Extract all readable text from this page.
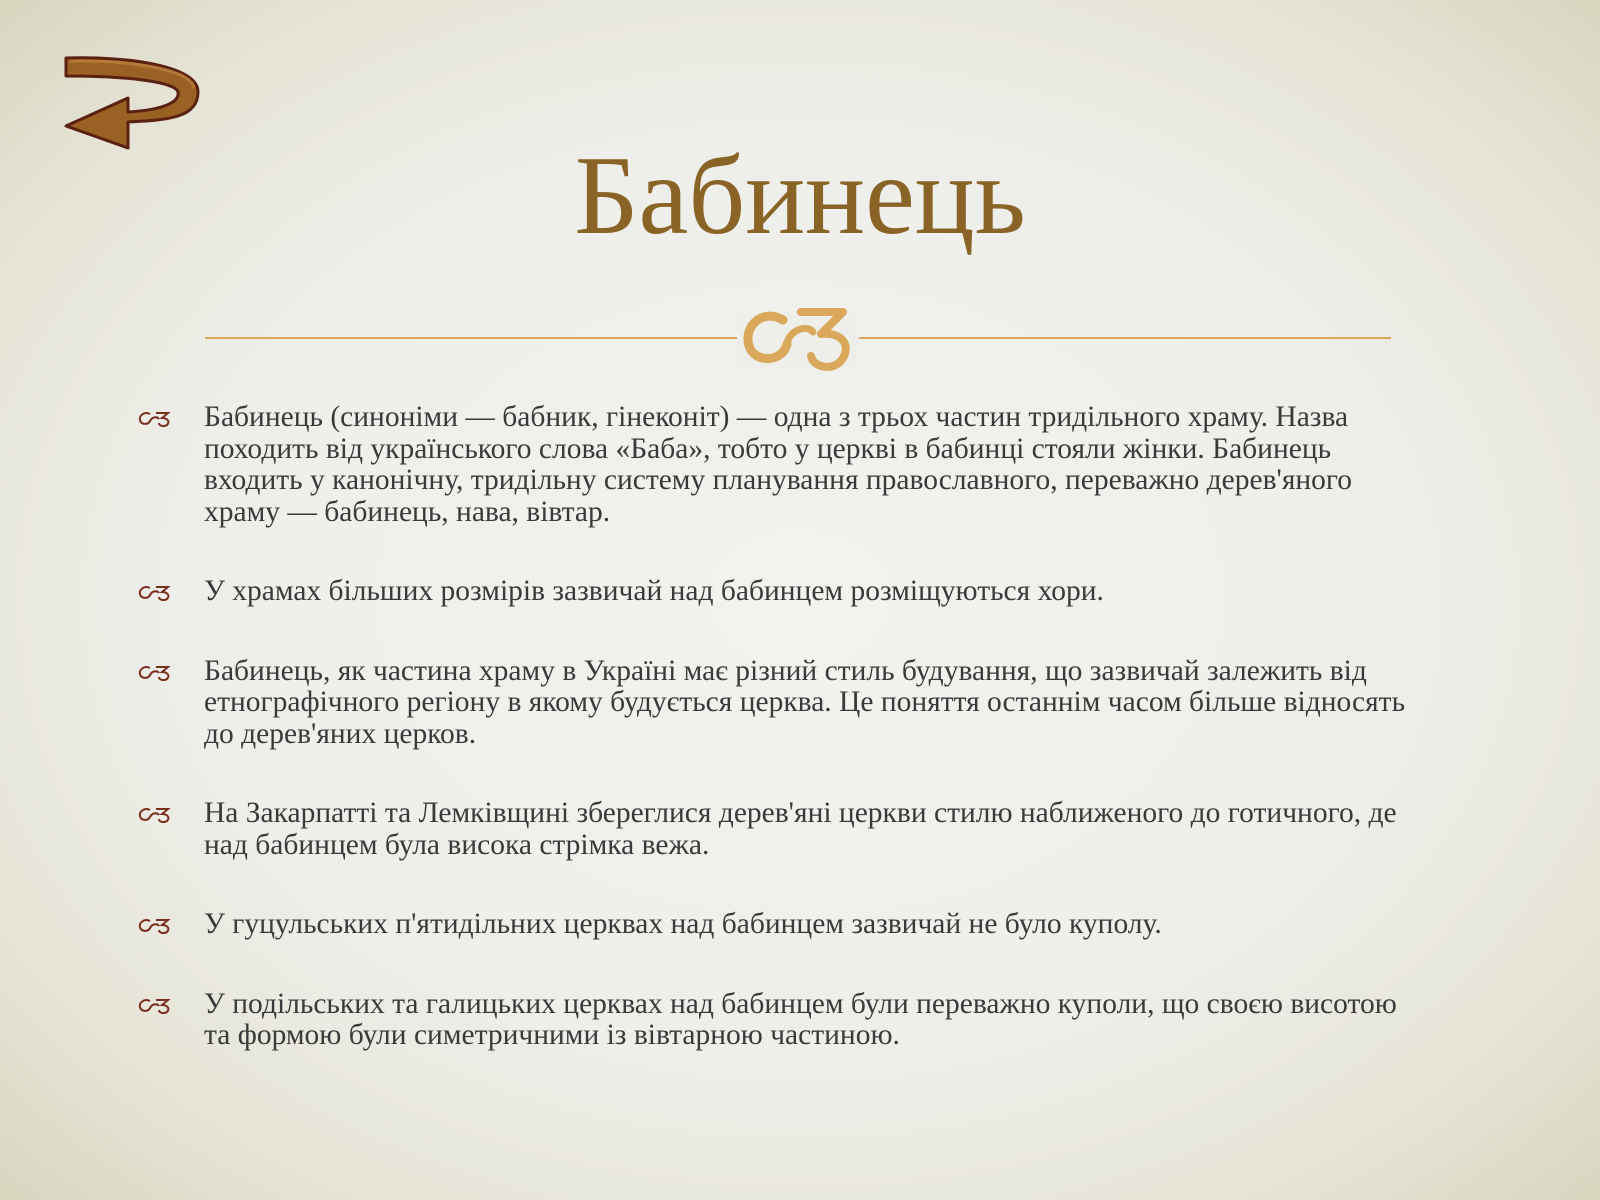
Бабинець
Бабинець (синоніми — бабник, гінеконіт) — одна з трьох частин тридільного храму. Назва походить від українського слова «Баба», тобто у церкві в бабинці стояли жінки. Бабинець входить у канонічну, тридільну систему планування православного, переважно дерев'яного храму — бабинець, нава, вівтар.
У храмах більших розмірів зазвичай над бабинцем розміщуються хори.
Бабинець, як частина храму в Україні має різний стиль будування, що зазвичай залежить від етнографічного регіону в якому будується церква. Це поняття останнім часом більше відносять до дерев'яних церков.
На Закарпатті та Лемківщині збереглися дерев'яні церкви стилю наближеного до готичного, де над бабинцем була висока стрімка вежа.
У гуцульських п'ятидільних церквах над бабинцем зазвичай не було куполу.
У подільських та галицьких церквах над бабинцем були переважно куполи, що своєю висотою та формою були симетричними із вівтарною частиною.
